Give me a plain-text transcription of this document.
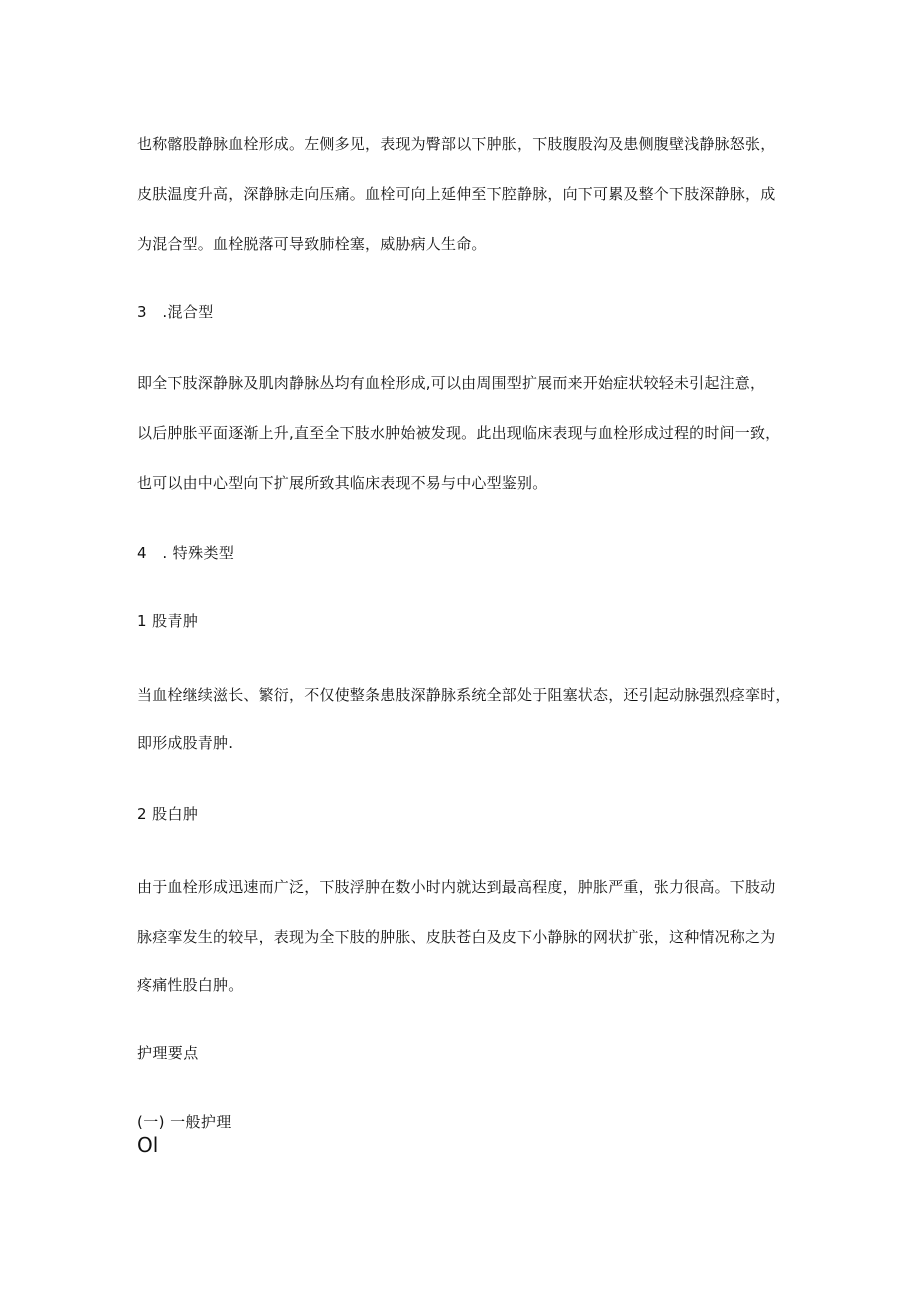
也称髂股静脉血栓形成。左侧多见，表现为臀部以下肿胀，下肢腹股沟及患侧腹壁浅静脉怒张，
皮肤温度升高，深静脉走向压痛。血栓可向上延伸至下腔静脉，向下可累及整个下肢深静脉，成
为混合型。血栓脱落可导致肺栓塞，威胁病人生命。
3　.混合型
即全下肢深静脉及肌肉静脉丛均有血栓形成,可以由周围型扩展而来开始症状较轻未引起注意，
以后肿胀平面逐渐上升,直至全下肢水肿始被发现。此出现临床表现与血栓形成过程的时间一致，
也可以由中心型向下扩展所致其临床表现不易与中心型鉴别。
4　. 特殊类型
1 股青肿
当血栓继续滋长、繁衍，不仅使整条患肢深静脉系统全部处于阻塞状态，还引起动脉强烈痉挛时，
即形成股青肿.
2 股白肿
由于血栓形成迅速而广泛，下肢浮肿在数小时内就达到最高程度，肿胀严重，张力很高。下肢动
脉痉挛发生的较早，表现为全下肢的肿胀、皮肤苍白及皮下小静脉的网状扩张，这种情况称之为
疼痛性股白肿。
护理要点
(一) 一般护理
Ol
